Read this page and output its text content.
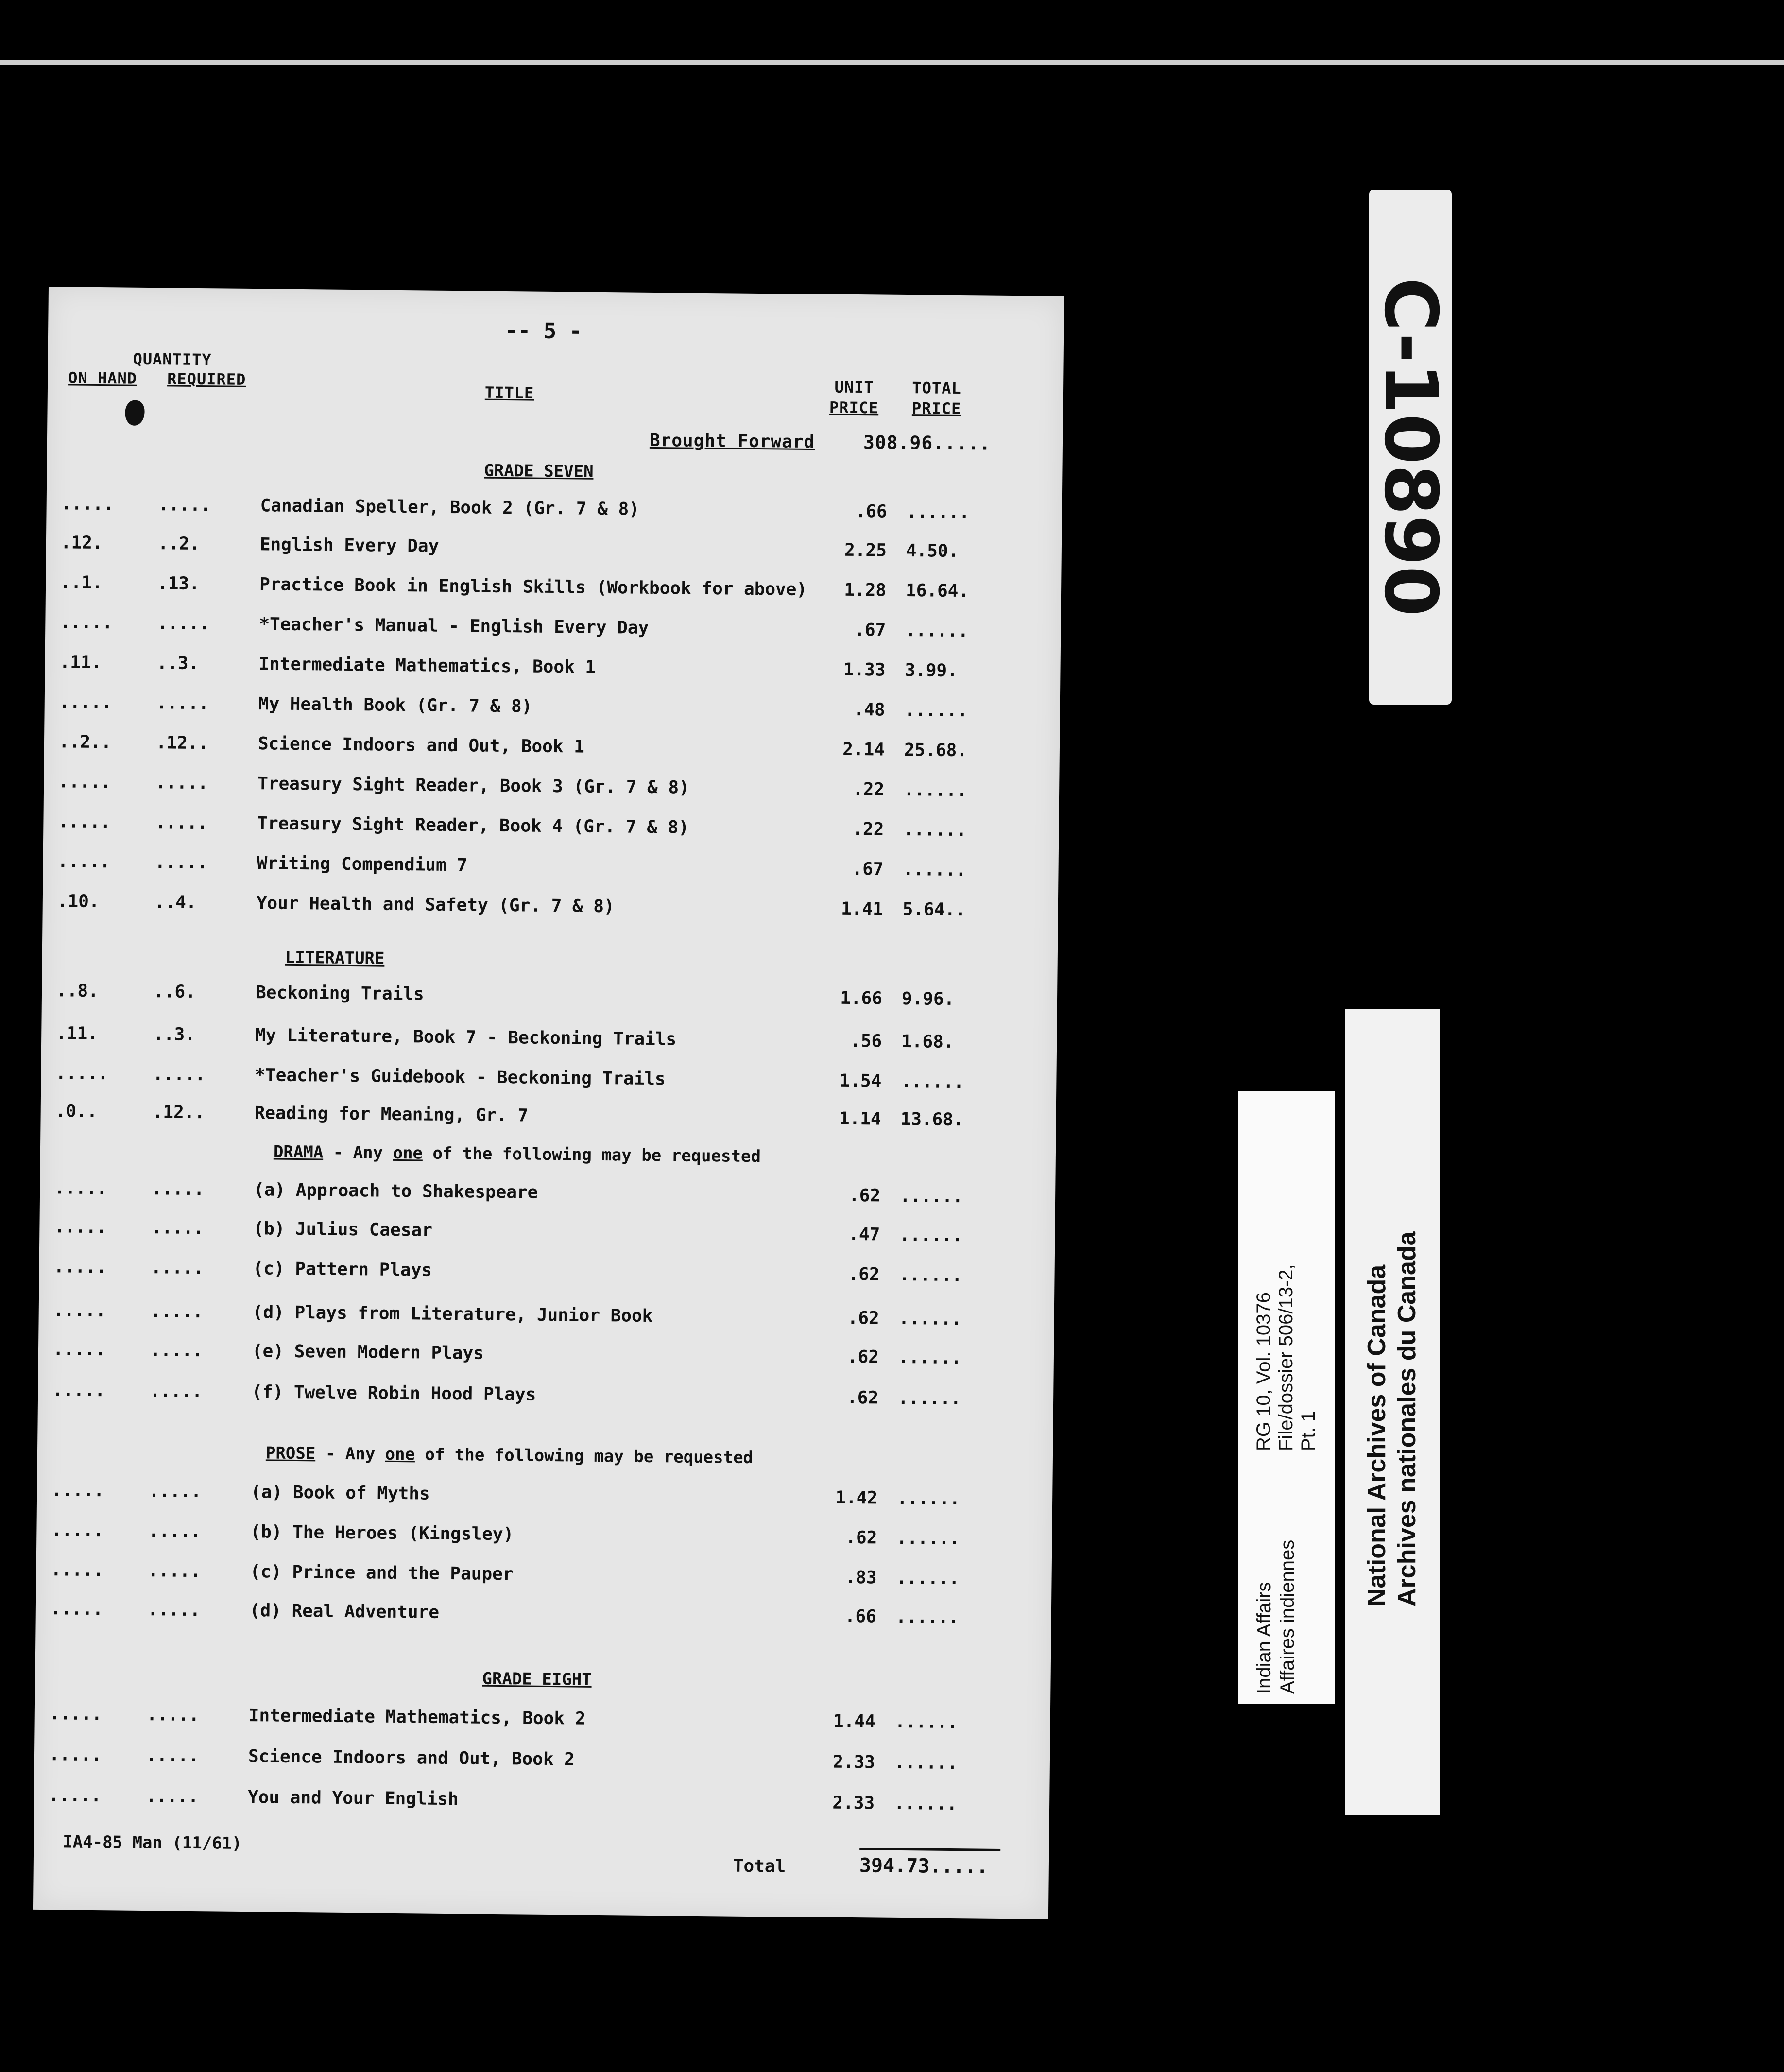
-- 5 -
QUANTITY
ON HAND REQUIRED
TITLE	UNIT
PRICE
TOTAL
PRICE
Brought Forward	308.96.....
GRADE SEVEN
LITERATURE
GRADE EIGHT
DRAMA - Any one of the following may be requested
PROSE - Any one of the following may be requested
.....	.....	Canadian Speller, Book 2 (Gr. 7 & 8)	.66 ......
.12.	..2.	English Every Day	2.25 4.50.
..1.	.13.	Practice Book in English Skills (Workbook for above)	1.28 16.64.
.....	.....	*Teacher's Manual - English Every Day	.67 ......
.11.	..3.	Intermediate Mathematics, Book 1	1.33 3.99.
.....	.....	My Health Book (Gr. 7 & 8)	.48 ......
..2..	.12..	Science Indoors and Out, Book 1	2.14 25.68.
.....	.....	Treasury Sight Reader, Book 3 (Gr. 7 & 8)	.22 ......
.....	.....	Treasury Sight Reader, Book 4 (Gr. 7 & 8)	.22 ......
.....	.....	Writing Compendium 7	.67 ......
.10.	..4.	Your Health and Safety (Gr. 7 & 8)	1.41 5.64..
..8.	..6.	Beckoning Trails	1.66 9.96.
.11.	..3.	My Literature, Book 7 - Beckoning Trails	.56 1.68.
.....	.....	*Teacher's Guidebook - Beckoning Trails	1.54 ......
.0..	.12..	Reading for Meaning, Gr. 7	1.14 13.68.
.....	.....	(a) Approach to Shakespeare	.62 ......
.....	.....	(b) Julius Caesar	.47 ......
.....	.....	(c) Pattern Plays	.62 ......
.....	.....	(d) Plays from Literature, Junior Book	.62 ......
.....	.....	(e) Seven Modern Plays	.62 ......
.....	.....	(f) Twelve Robin Hood Plays	.62 ......
.....	.....	(a) Book of Myths	1.42 ......
.....	.....	(b) The Heroes (Kingsley)	.62 ......
.....	.....	(c) Prince and the Pauper	.83 ......
.....	.....	(d) Real Adventure	.66 ......
.....	.....	Intermediate Mathematics, Book 2	1.44 ......
.....	.....	Science Indoors and Out, Book 2	2.33 ......
.....	.....	You and Your English	2.33 ......
IA4-85 Man (11/61)
Total	394.73.....
C-10890
Indian Affairs Affaires indiennes
RG 10, Vol. 10376 File/dossier 506/13-2, Pt. 1 National Archives of Canada Archives nationales du Canada
